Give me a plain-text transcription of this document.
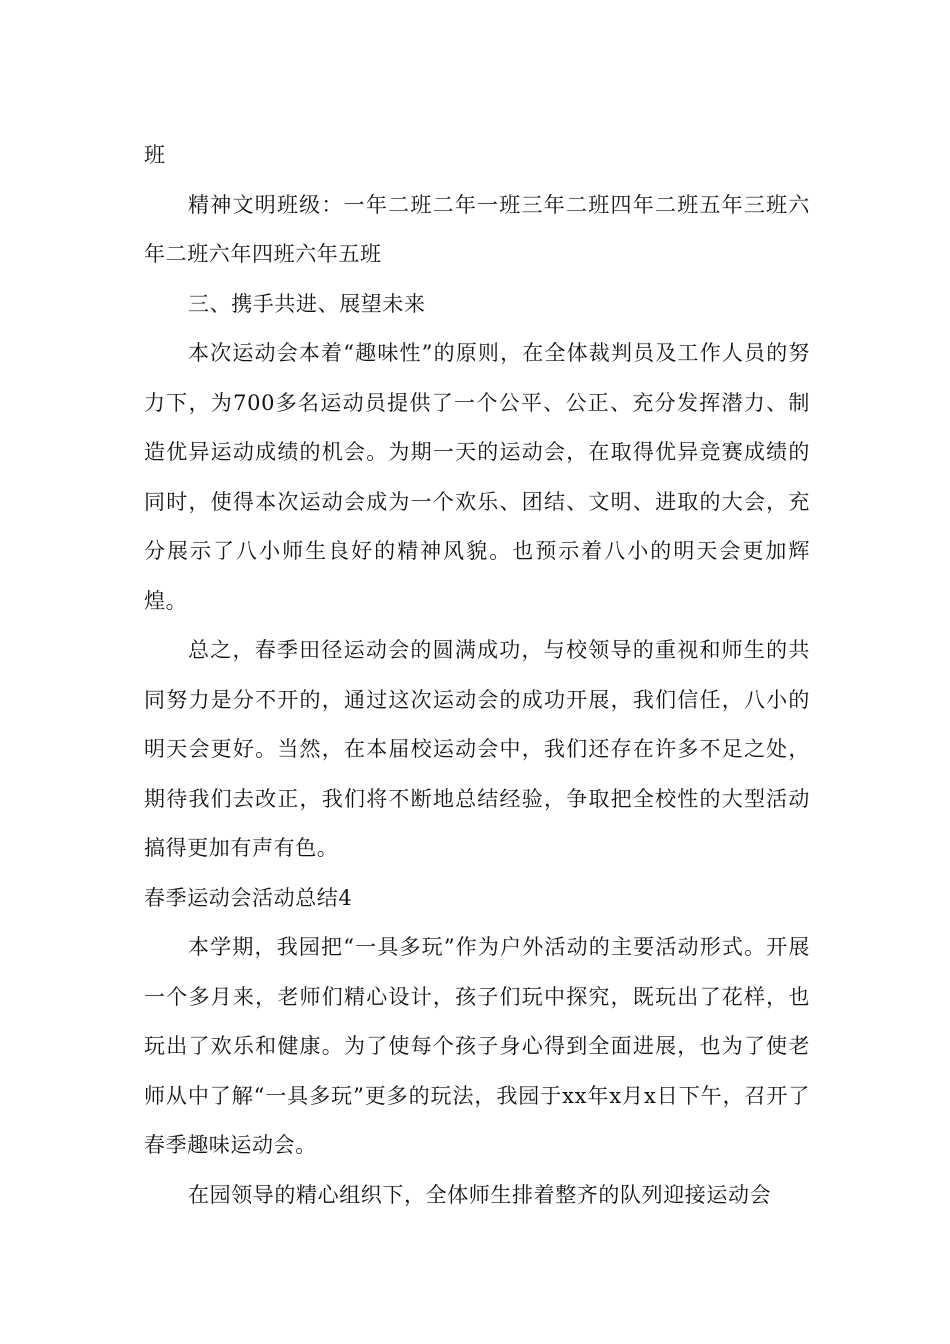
班

精神文明班级：一年二班二年一班三年二班四年二班五年三班六年二班六年四班六年五班

三、携手共进、展望未来

本次运动会本着“趣味性”的原则，在全体裁判员及工作人员的努力下，为700多名运动员提供了一个公平、公正、充分发挥潜力、制造优异运动成绩的机会。为期一天的运动会，在取得优异竞赛成绩的同时，使得本次运动会成为一个欢乐、团结、文明、进取的大会，充分展示了八小师生良好的精神风貌。也预示着八小的明天会更加辉煌。

总之，春季田径运动会的圆满成功，与校领导的重视和师生的共同努力是分不开的，通过这次运动会的成功开展，我们信任，八小的明天会更好。当然，在本届校运动会中，我们还存在许多不足之处，期待我们去改正，我们将不断地总结经验，争取把全校性的大型活动搞得更加有声有色。

春季运动会活动总结4

本学期，我园把“一具多玩”作为户外活动的主要活动形式。开展一个多月来，老师们精心设计，孩子们玩中探究，既玩出了花样，也玩出了欢乐和健康。为了使每个孩子身心得到全面进展，也为了使老师从中了解“一具多玩”更多的玩法，我园于xx年x月x日下午，召开了春季趣味运动会。

在园领导的精心组织下，全体师生排着整齐的队列迎接运动会
